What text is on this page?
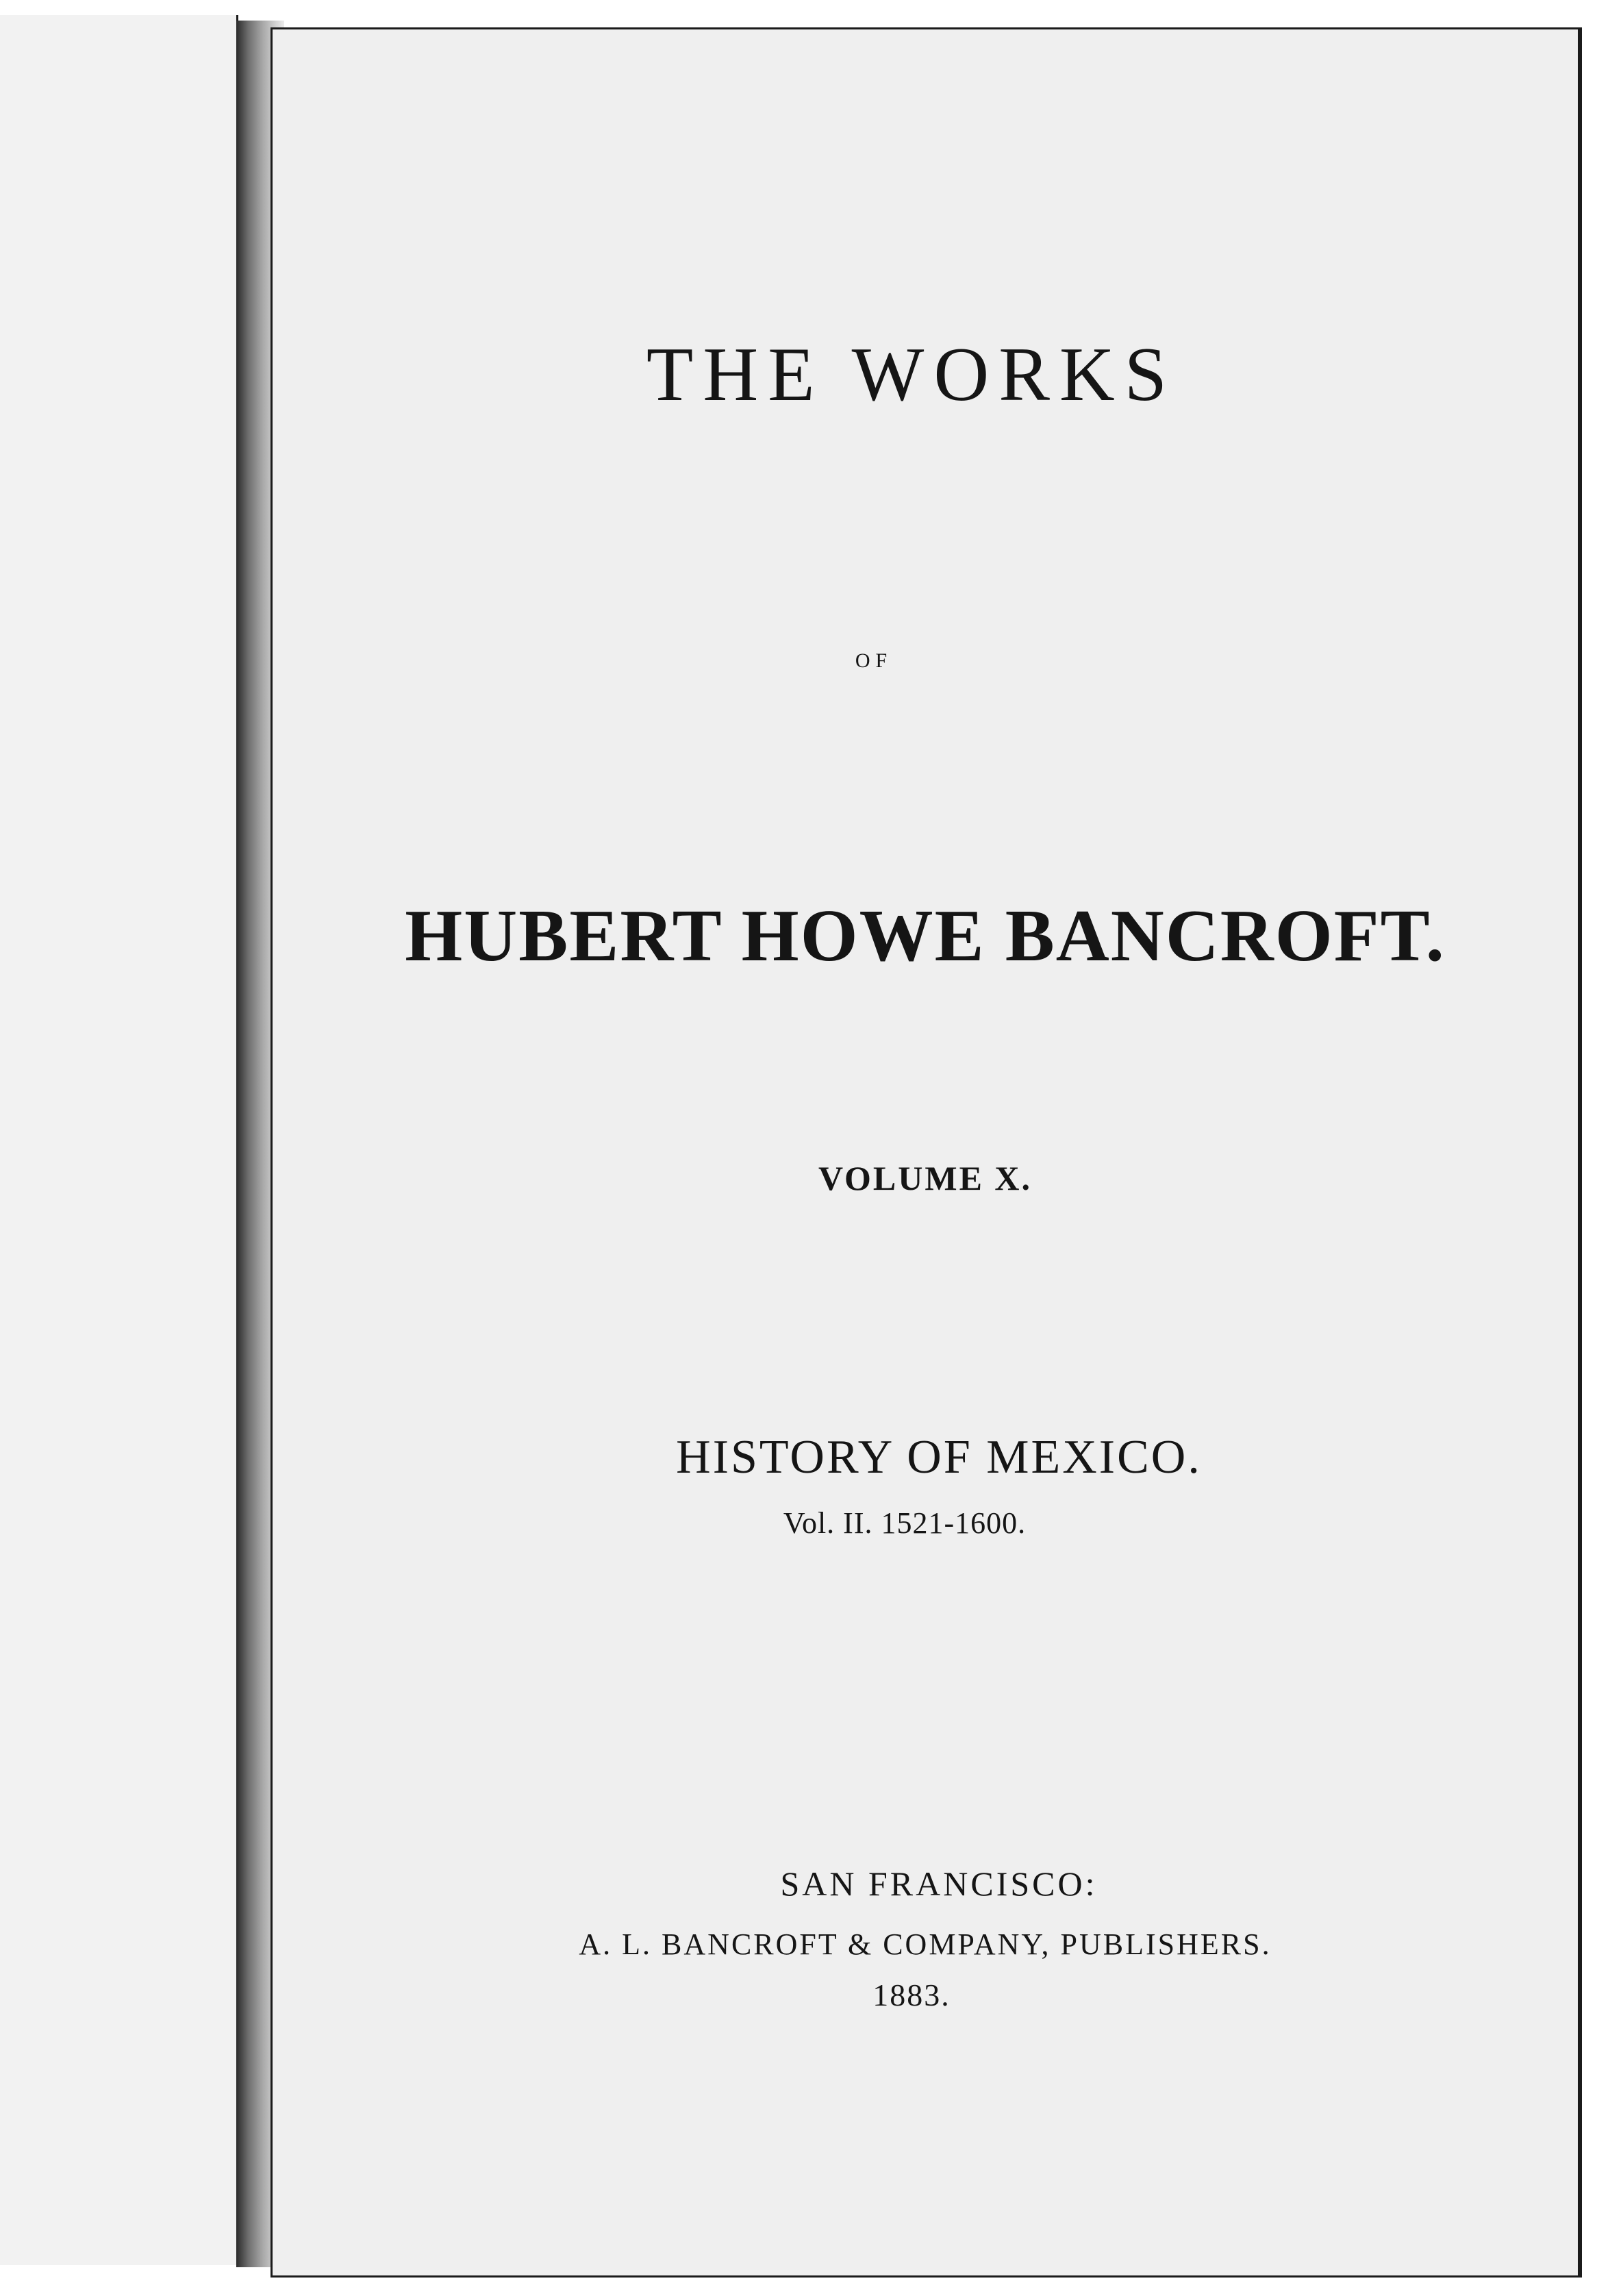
THE WORKS
OF
HUBERT HOWE BANCROFT.
VOLUME X.
HISTORY OF MEXICO.
Vol. II. 1521-1600.
SAN FRANCISCO:
A. L. BANCROFT & COMPANY, PUBLISHERS.
1883.
